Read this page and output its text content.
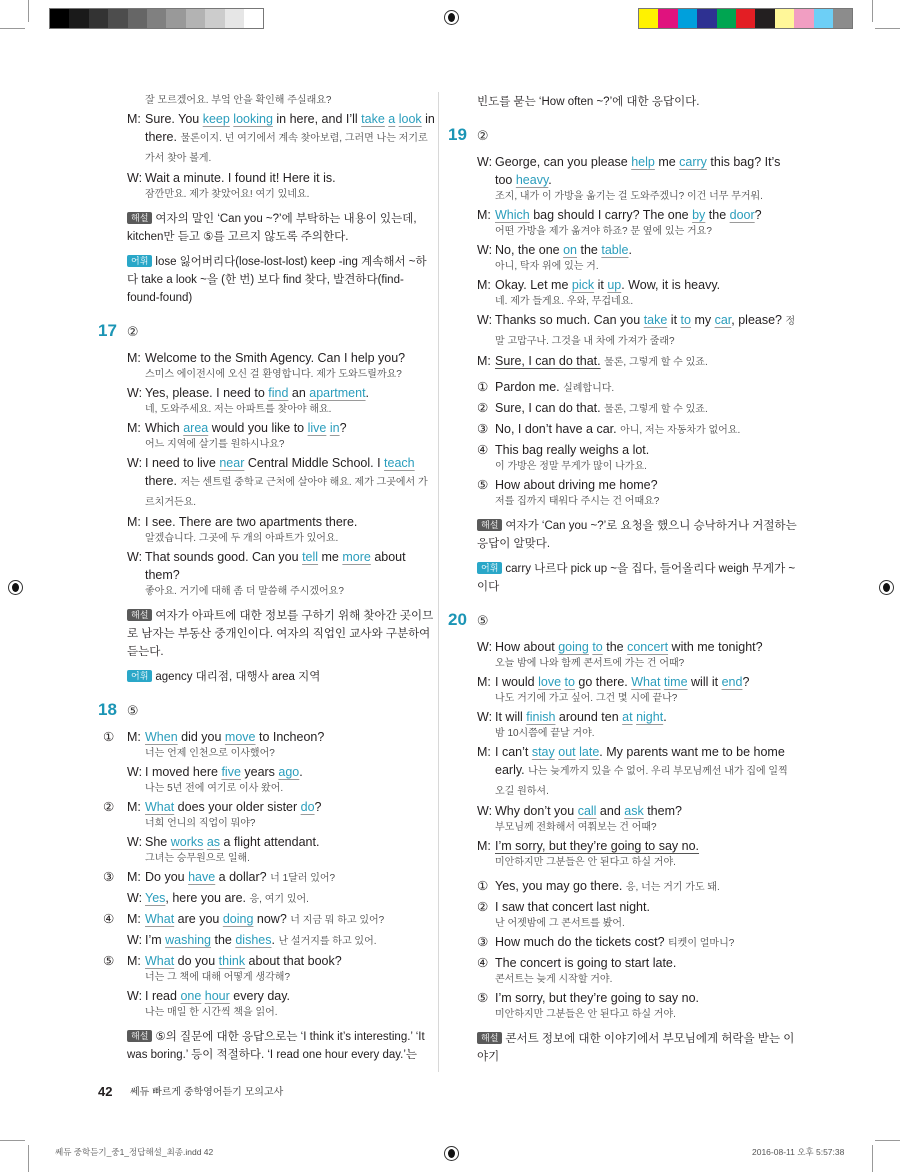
잘 모르겠어요. 부엌 안을 확인해 주실래요?
M: Sure. You keep looking in here, and I’ll take a look in there. 물론이지. 넌 여기에서 계속 찾아보렴, 그러면 나는 저기로 가서 찾아 볼게.
W: Wait a minute. I found it! Here it is.
잠깐만요. 제가 찾았어요! 여기 있네요.
해설 여자의 말인 ‘Can you ~?’에 부탁하는 내용이 있는데, kitchen만 듣고 ⑤를 고르지 않도록 주의한다.
어휘 lose 잃어버리다(lose-lost-lost) keep -ing 계속해서 ~하다 take a look ~을 (한 번) 보다 find 찾다, 발견하다(find-found-found)
17 ②
M: Welcome to the Smith Agency. Can I help you?
스미스 에이전시에 오신 걸 환영합니다. 제가 도와드릴까요?
W: Yes, please. I need to find an apartment.
네, 도와주세요. 저는 아파트를 찾아야 해요.
M: Which area would you like to live in?
어느 지역에 살기를 원하시나요?
W: I need to live near Central Middle School. I teach there. 저는 센트럴 중학교 근처에 살아야 해요. 제가 그곳에서 가르치거든요.
M: I see. There are two apartments there.
알겠습니다. 그곳에 두 개의 아파트가 있어요.
W: That sounds good. Can you tell me more about them?
좋아요. 거기에 대해 좀 더 말씀해 주시겠어요?
해설 여자가 아파트에 대한 정보를 구하기 위해 찾아간 곳이므로 남자는 부동산 중개인이다. 여자의 직업인 교사와 구분하여 듣는다.
어휘 agency 대리점, 대행사 area 지역
18 ⑤
① M: When did you move to Incheon?
너는 언제 인천으로 이사했어?
W: I moved here five years ago.
나는 5년 전에 여기로 이사 왔어.
② M: What does your older sister do?
너희 언니의 직업이 뭐야?
W: She works as a flight attendant.
그녀는 승무원으로 일해.
③ M: Do you have a dollar? 너 1달러 있어?
W: Yes, here you are. 응, 여기 있어.
④ M: What are you doing now? 너 지금 뭐 하고 있어?
W: I’m washing the dishes. 난 설거지를 하고 있어.
⑤ M: What do you think about that book?
너는 그 책에 대해 어떻게 생각해?
W: I read one hour every day.
나는 매일 한 시간씩 책을 읽어.
해설 ⑤의 질문에 대한 응답으로는 ‘I think it’s interesting.’ ‘It was boring.’ 등이 적절하다. ‘I read one hour every day.’는
빈도를 묻는 ‘How often ~?’에 대한 응답이다.
19 ②
W: George, can you please help me carry this bag? It’s too heavy.
조지, 내가 이 가방을 옮기는 걸 도와주겠니? 이건 너무 무거워.
M: Which bag should I carry? The one by the door?
어떤 가방을 제가 옮겨야 하죠? 문 옆에 있는 거요?
W: No, the one on the table.
아니, 탁자 위에 있는 거.
M: Okay. Let me pick it up. Wow, it is heavy.
네. 제가 들게요. 우와, 무겁네요.
W: Thanks so much. Can you take it to my car, please? 정말 고맙구나. 그것을 내 차에 가져가 줄래?
M: Sure, I can do that. 물론, 그렇게 할 수 있죠.
① Pardon me. 실례합니다.
② Sure, I can do that. 물론, 그렇게 할 수 있죠.
③ No, I don’t have a car. 아니, 저는 자동차가 없어요.
④ This bag really weighs a lot.
이 가방은 정말 무게가 많이 나가요.
⑤ How about driving me home?
저를 집까지 태워다 주시는 건 어때요?
해설 여자가 ‘Can you ~?’로 요청을 했으니 승낙하거나 거절하는 응답이 알맞다.
어휘 carry 나르다 pick up ~을 집다, 들어올리다 weigh 무게가 ~이다
20 ⑤
W: How about going to the concert with me tonight?
오늘 밤에 나와 함께 콘서트에 가는 건 어때?
M: I would love to go there. What time will it end?
나도 거기에 가고 싶어. 그건 몇 시에 끝나?
W: It will finish around ten at night.
밤 10시쯤에 끝날 거야.
M: I can’t stay out late. My parents want me to be home early. 나는 늦게까지 있을 수 없어. 우리 부모님께선 내가 집에 일찍 오길 원하셔.
W: Why don’t you call and ask them?
부모님께 전화해서 여쭤보는 건 어때?
M: I’m sorry, but they’re going to say no.
미안하지만 그분들은 안 된다고 하실 거야.
① Yes, you may go there. 응, 너는 거기 가도 돼.
② I saw that concert last night.
난 어젯밤에 그 콘서트를 봤어.
③ How much do the tickets cost? 티켓이 얼마니?
④ The concert is going to start late.
콘서트는 늦게 시작할 거야.
⑤ I’m sorry, but they’re going to say no.
미안하지만 그분들은 안 된다고 하실 거야.
해설 콘서트 정보에 대한 이야기에서 부모님에게 허락을 받는 이야기
42 쎄듀 빠르게 중학영어듣기 모의고사
쎄듀 중학듣기_중1_정답해설_최종.indd 42	2016-08-11 오후 5:57:38
